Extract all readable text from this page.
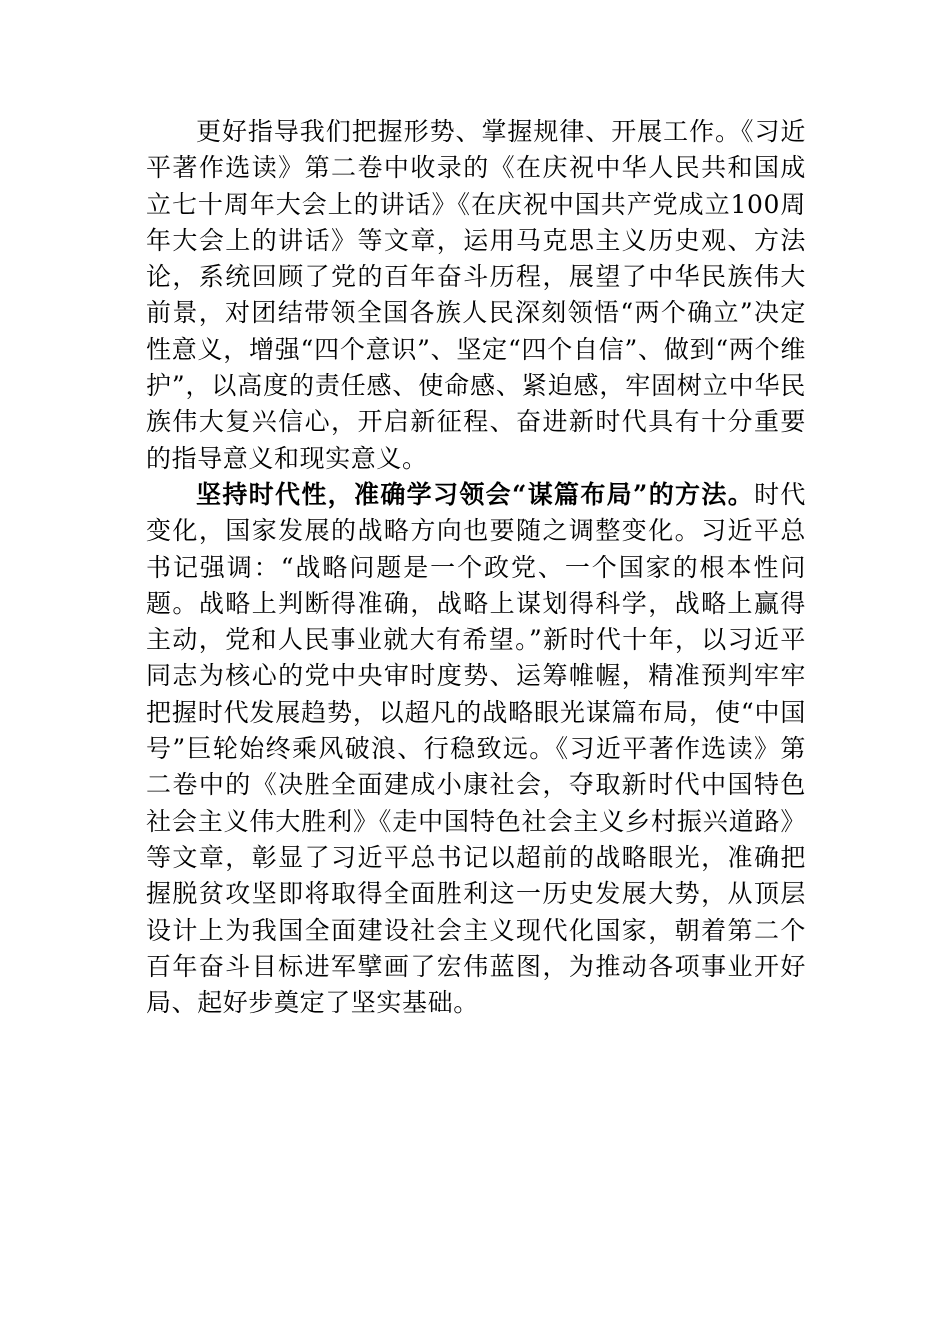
更好指导我们把握形势、掌握规律、开展工作。《习近平著作选读》第二卷中收录的《在庆祝中华人民共和国成立七十周年大会上的讲话》《在庆祝中国共产党成立100周年大会上的讲话》等文章，运用马克思主义历史观、方法论，系统回顾了党的百年奋斗历程，展望了中华民族伟大前景，对团结带领全国各族人民深刻领悟“两个确立”决定性意义，增强“四个意识”、坚定“四个自信”、做到“两个维护”，以高度的责任感、使命感、紧迫感，牢固树立中华民族伟大复兴信心，开启新征程、奋进新时代具有十分重要的指导意义和现实意义。

坚持时代性，准确学习领会“谋篇布局”的方法。时代变化，国家发展的战略方向也要随之调整变化。习近平总书记强调：“战略问题是一个政党、一个国家的根本性问题。战略上判断得准确，战略上谋划得科学，战略上赢得主动，党和人民事业就大有希望。”新时代十年，以习近平同志为核心的党中央审时度势、运筹帷幄，精准预判牢牢把握时代发展趋势，以超凡的战略眼光谋篇布局，使“中国号”巨轮始终乘风破浪、行稳致远。《习近平著作选读》第二卷中的《决胜全面建成小康社会，夺取新时代中国特色社会主义伟大胜利》《走中国特色社会主义乡村振兴道路》等文章，彰显了习近平总书记以超前的战略眼光，准确把握脱贫攻坚即将取得全面胜利这一历史发展大势，从顶层设计上为我国全面建设社会主义现代化国家，朝着第二个百年奋斗目标进军擘画了宏伟蓝图，为推动各项事业开好局、起好步奠定了坚实基础。
